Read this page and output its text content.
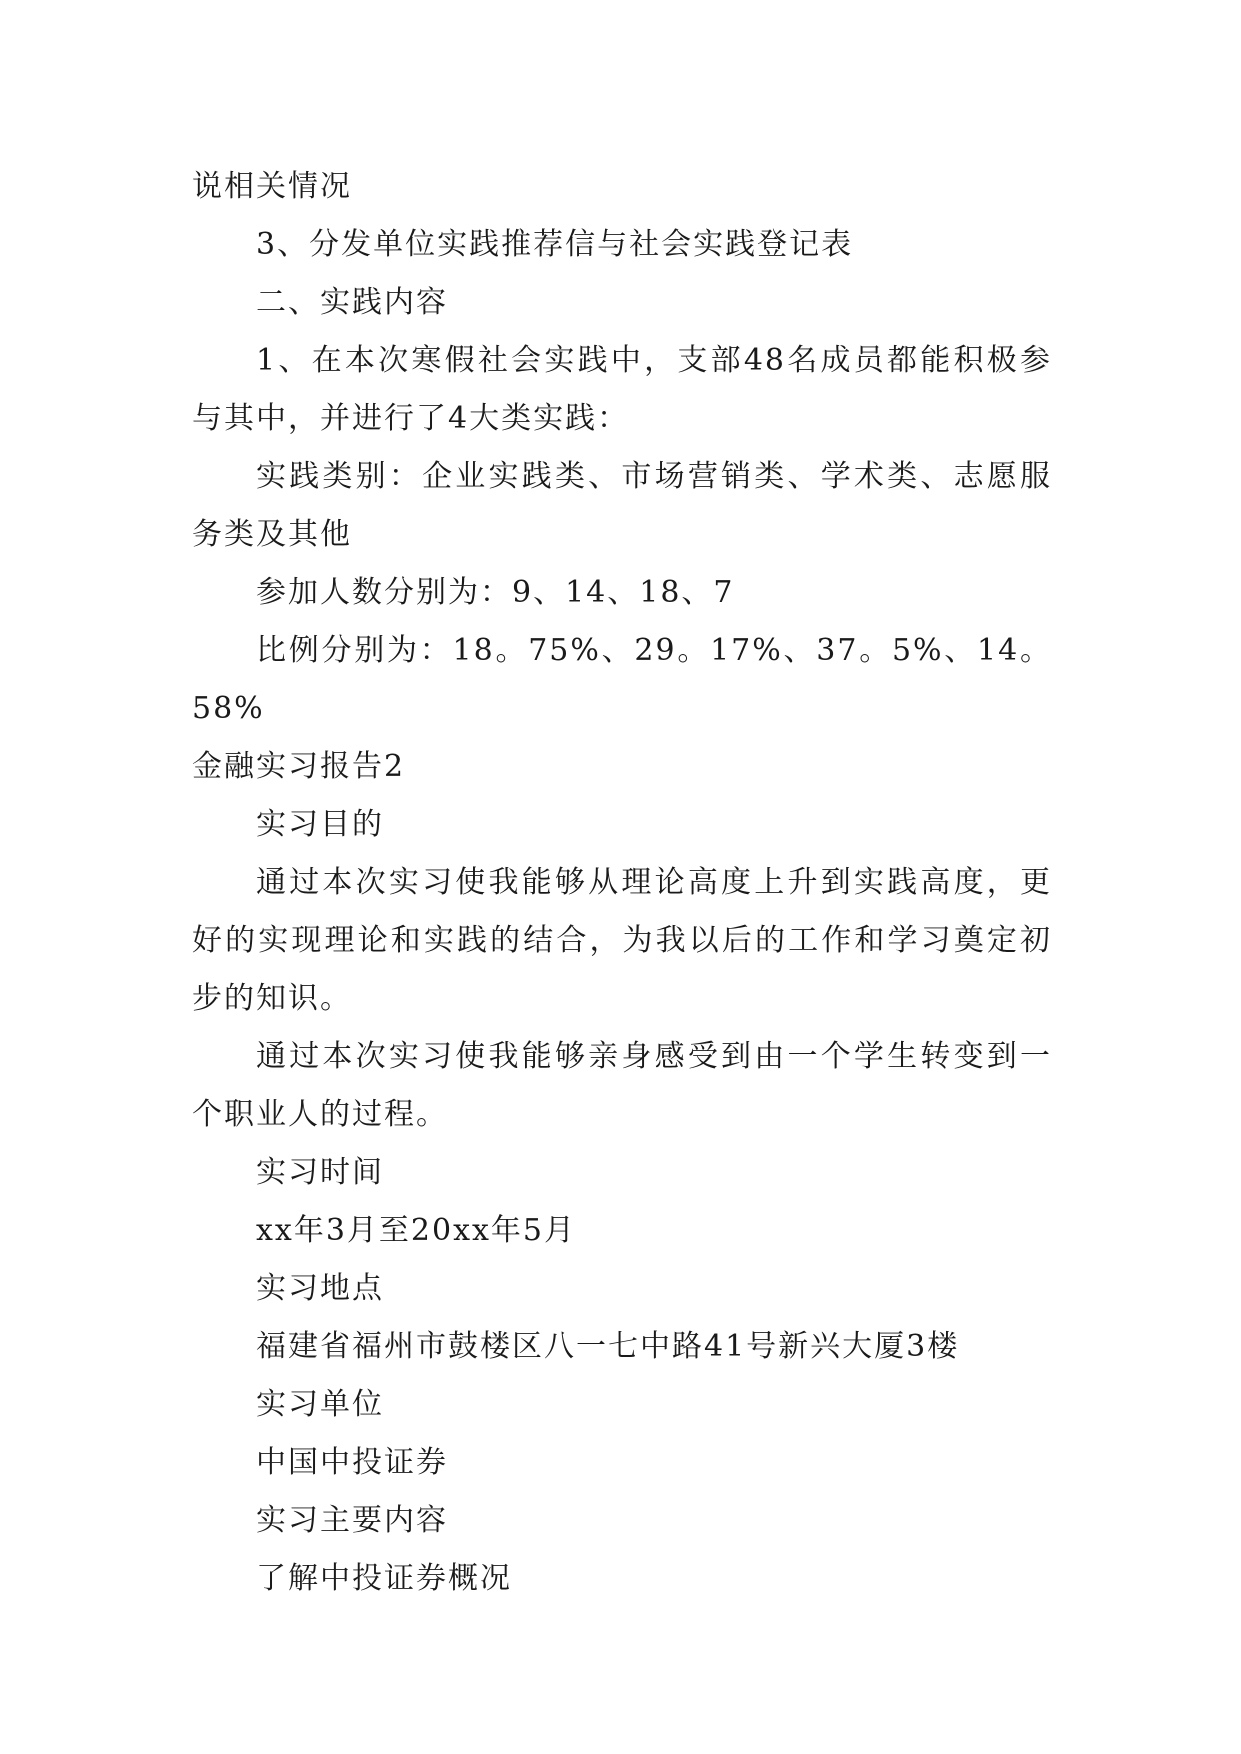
说相关情况

3、分发单位实践推荐信与社会实践登记表

二、实践内容

1、在本次寒假社会实践中，支部48名成员都能积极参与其中，并进行了4大类实践：

实践类别：企业实践类、市场营销类、学术类、志愿服务类及其他

参加人数分别为：9、14、18、7

比例分别为：18。75%、29。17%、37。5%、14。58%

金融实习报告2

实习目的

通过本次实习使我能够从理论高度上升到实践高度，更好的实现理论和实践的结合，为我以后的工作和学习奠定初步的知识。

通过本次实习使我能够亲身感受到由一个学生转变到一个职业人的过程。

实习时间

xx年3月至20xx年5月

实习地点

福建省福州市鼓楼区八一七中路41号新兴大厦3楼

实习单位

中国中投证券

实习主要内容

了解中投证券概况
